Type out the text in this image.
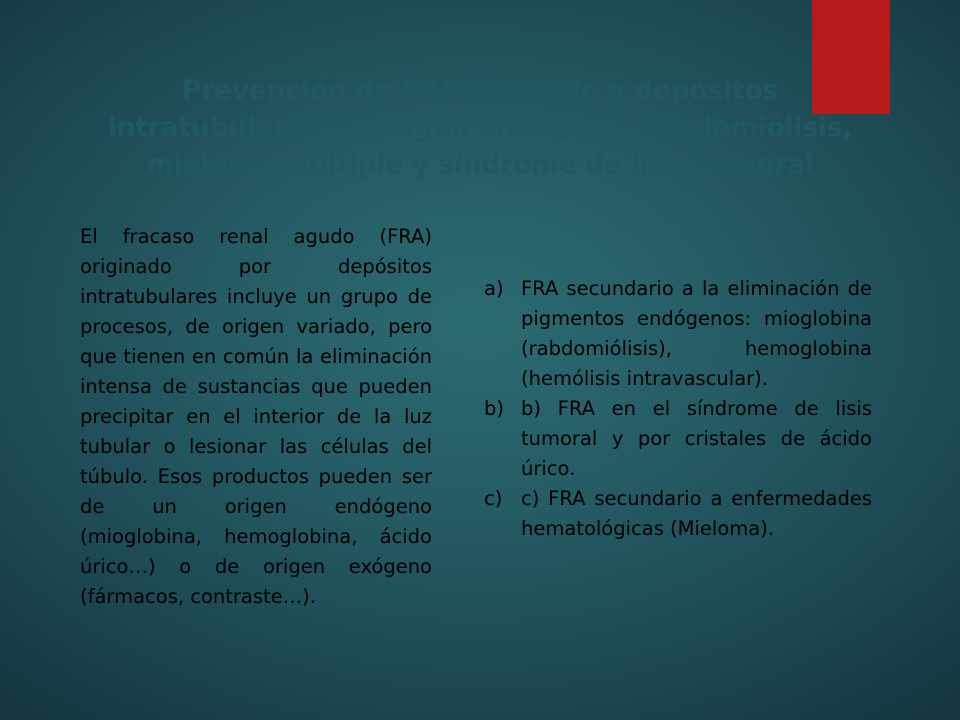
Prevención de FRA asociado a depósitos
intratubulares de origen endógeno: rabdomiólisis,
mieloma múltiple y síndrome de lisis tumoral
El fracaso renal agudo (FRA) originado por depósitos intratubulares incluye un grupo de procesos, de origen variado, pero que tienen en común la eliminación intensa de sustancias que pueden precipitar en el interior de la luz tubular o lesionar las células del túbulo. Esos productos pueden ser de un origen endógeno (mioglobina, hemoglobina, ácido úrico…) o de origen exógeno (fármacos, contraste…).
a) FRA secundario a la eliminación de pigmentos endógenos: mioglobina (rabdomiólisis), hemoglobina (hemólisis intravascular).
b) b) FRA en el síndrome de lisis tumoral y por cristales de ácido úrico.
c) c) FRA secundario a enfermedades hematológicas (Mieloma).
